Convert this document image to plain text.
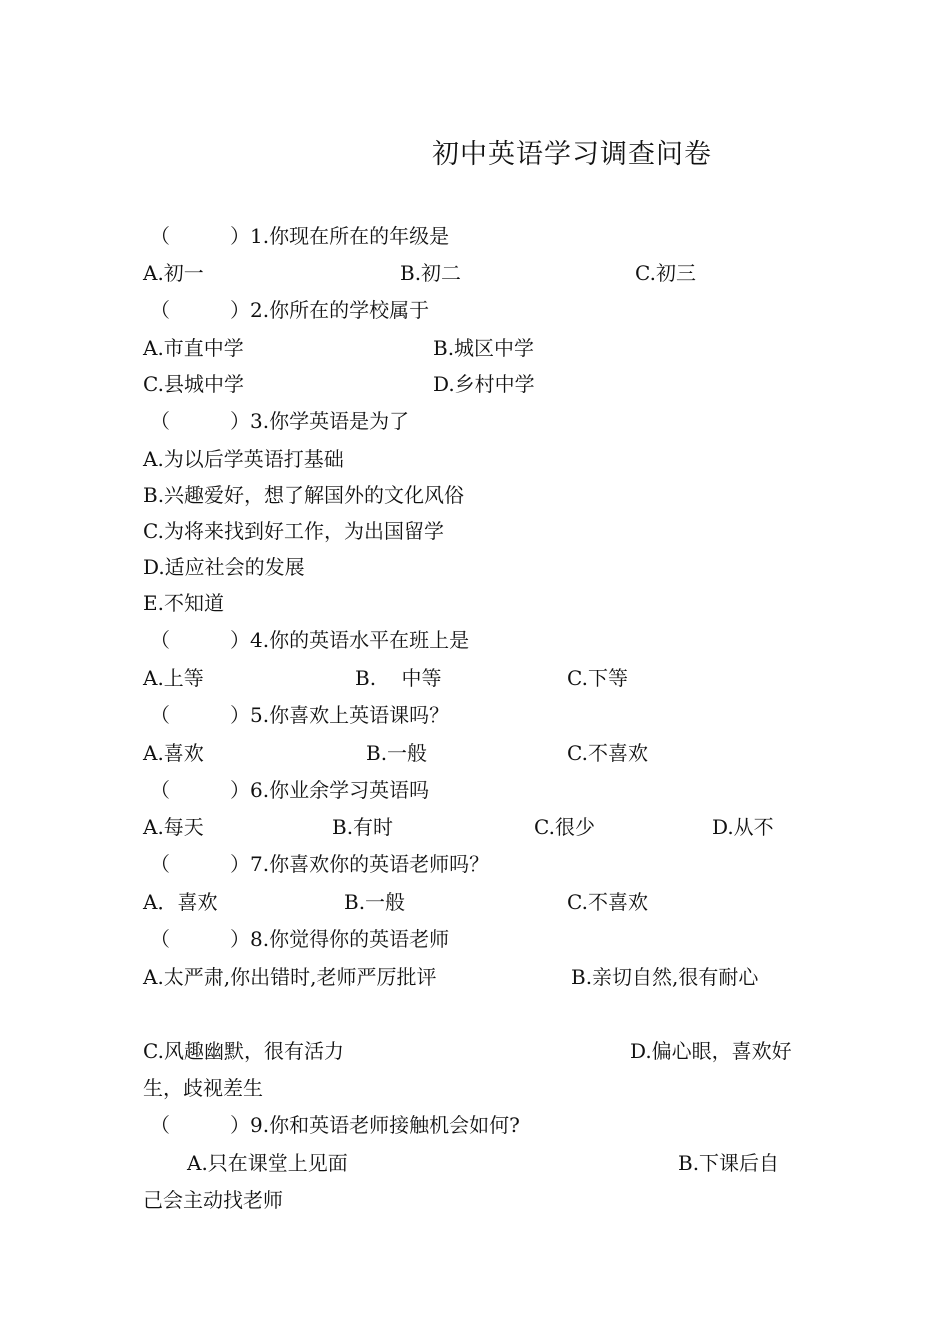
初中英语学习调查问卷
（	）1.你现在所在的年级是
A.初一	B.初二	C.初三
（	）2.你所在的学校属于
A.市直中学	B.城区中学
C.县城中学	D.乡村中学
（	）3.你学英语是为了
A.为以后学英语打基础
B.兴趣爱好，想了解国外的文化风俗
C.为将来找到好工作，为出国留学
D.适应社会的发展
E.不知道
（	）4.你的英语水平在班上是
A.上等	B.    中等	C.下等
（	）5.你喜欢上英语课吗？
A.喜欢	B.一般	C.不喜欢
（	）6.你业余学习英语吗
A.每天	B.有时	C.很少	D.从不
（	）7.你喜欢你的英语老师吗？
A．喜欢	B.一般	C.不喜欢
（	）8.你觉得你的英语老师
A.太严肃,你出错时,老师严厉批评	B.亲切自然,很有耐心
C.风趣幽默，很有活力	D.偏心眼，喜欢好
生，歧视差生
（	）9.你和英语老师接触机会如何?
A.只在课堂上见面	B.下课后自
己会主动找老师
